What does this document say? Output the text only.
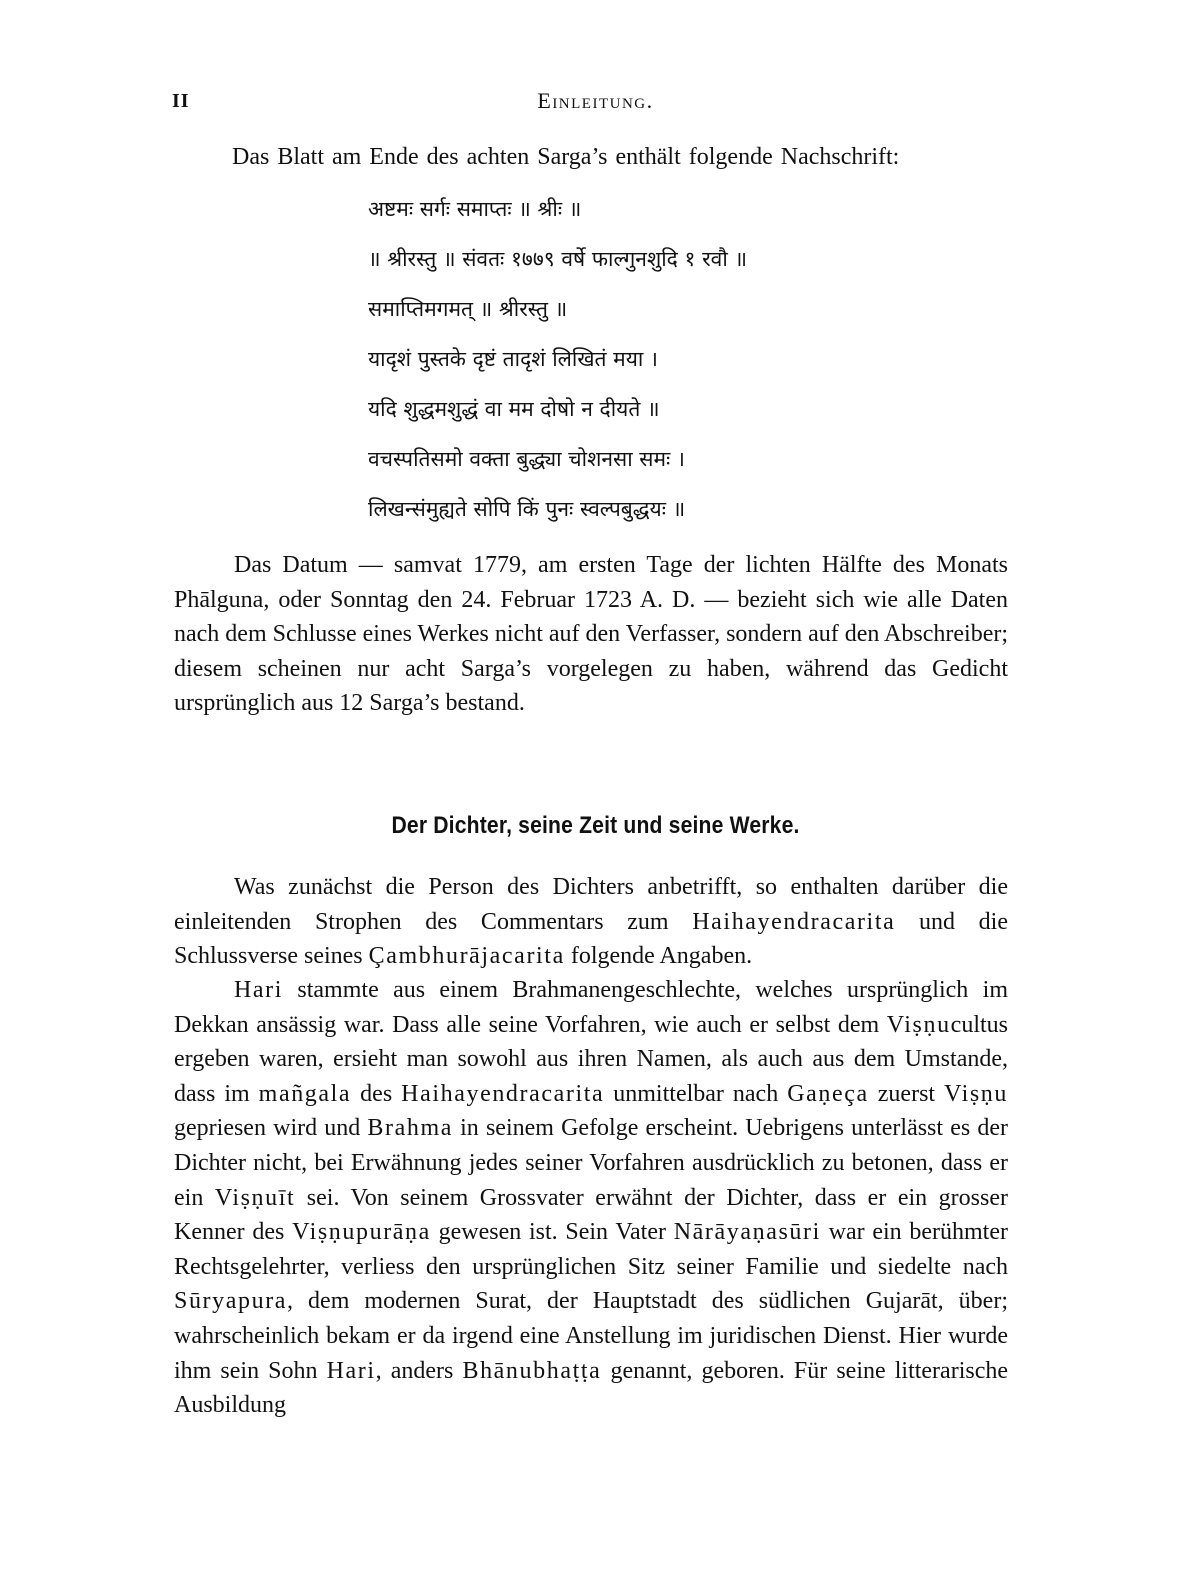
II	Einleitung.
Das Blatt am Ende des achten Sarga’s enthält folgende Nachschrift:
अष्टमः सर्गः समाप्तः ॥ श्रीः ॥
॥ श्रीरस्तु ॥ संवतः १७७९ वर्षे फाल्गुनशुदि १ रवौ ॥
समाप्तिमगमत् ॥ श्रीरस्तु ॥
यादृशं पुस्तके दृष्टं तादृशं लिखितं मया ।
यदि शुद्धमशुद्धं वा मम दोषो न दीयते ॥
वचस्पतिसमो वक्ता बुद्ध्या चोशनसा समः ।
लिखन्संमुह्यते सोपि किं पुनः स्वल्पबुद्धयः ॥

Das Datum — samvat 1779, am ersten Tage der lichten Hälfte des Monats Phālguna, oder Sonntag den 24. Februar 1723 A. D. — bezieht sich wie alle Daten nach dem Schlusse eines Werkes nicht auf den Verfasser, sondern auf den Abschreiber; diesem scheinen nur acht Sarga’s vorgelegen zu haben, während das Gedicht ursprünglich aus 12 Sarga’s bestand.

Der Dichter, seine Zeit und seine Werke.

Was zunächst die Person des Dichters anbetrifft, so enthalten darüber die einleitenden Strophen des Commentars zum Haihayendracarita und die Schlussverse seines Çambhurājacarita folgende Angaben.

Hari stammte aus einem Brahmanengeschlechte, welches ursprünglich im Dekkan ansässig war. Dass alle seine Vorfahren, wie auch er selbst dem Viṣṇucultus ergeben waren, ersieht man sowohl aus ihren Namen, als auch aus dem Umstande, dass im mañgala des Haihayendracarita unmittelbar nach Gaṇeça zuerst Viṣṇu gepriesen wird und Brahma in seinem Gefolge erscheint. Uebrigens unterlässt es der Dichter nicht, bei Erwähnung jedes seiner Vorfahren ausdrücklich zu betonen, dass er ein Viṣṇuīt sei. Von seinem Grossvater erwähnt der Dichter, dass er ein grosser Kenner des Viṣṇupurāṇa gewesen ist. Sein Vater Nārāyaṇasūri war ein berühmter Rechtsgelehrter, verliess den ursprünglichen Sitz seiner Familie und siedelte nach Sūryapura, dem modernen Surat, der Hauptstadt des südlichen Gujarāt, über; wahrscheinlich bekam er da irgend eine Anstellung im juridischen Dienst. Hier wurde ihm sein Sohn Hari, anders Bhānubhaṭṭa genannt, geboren. Für seine litterarische Ausbildung
